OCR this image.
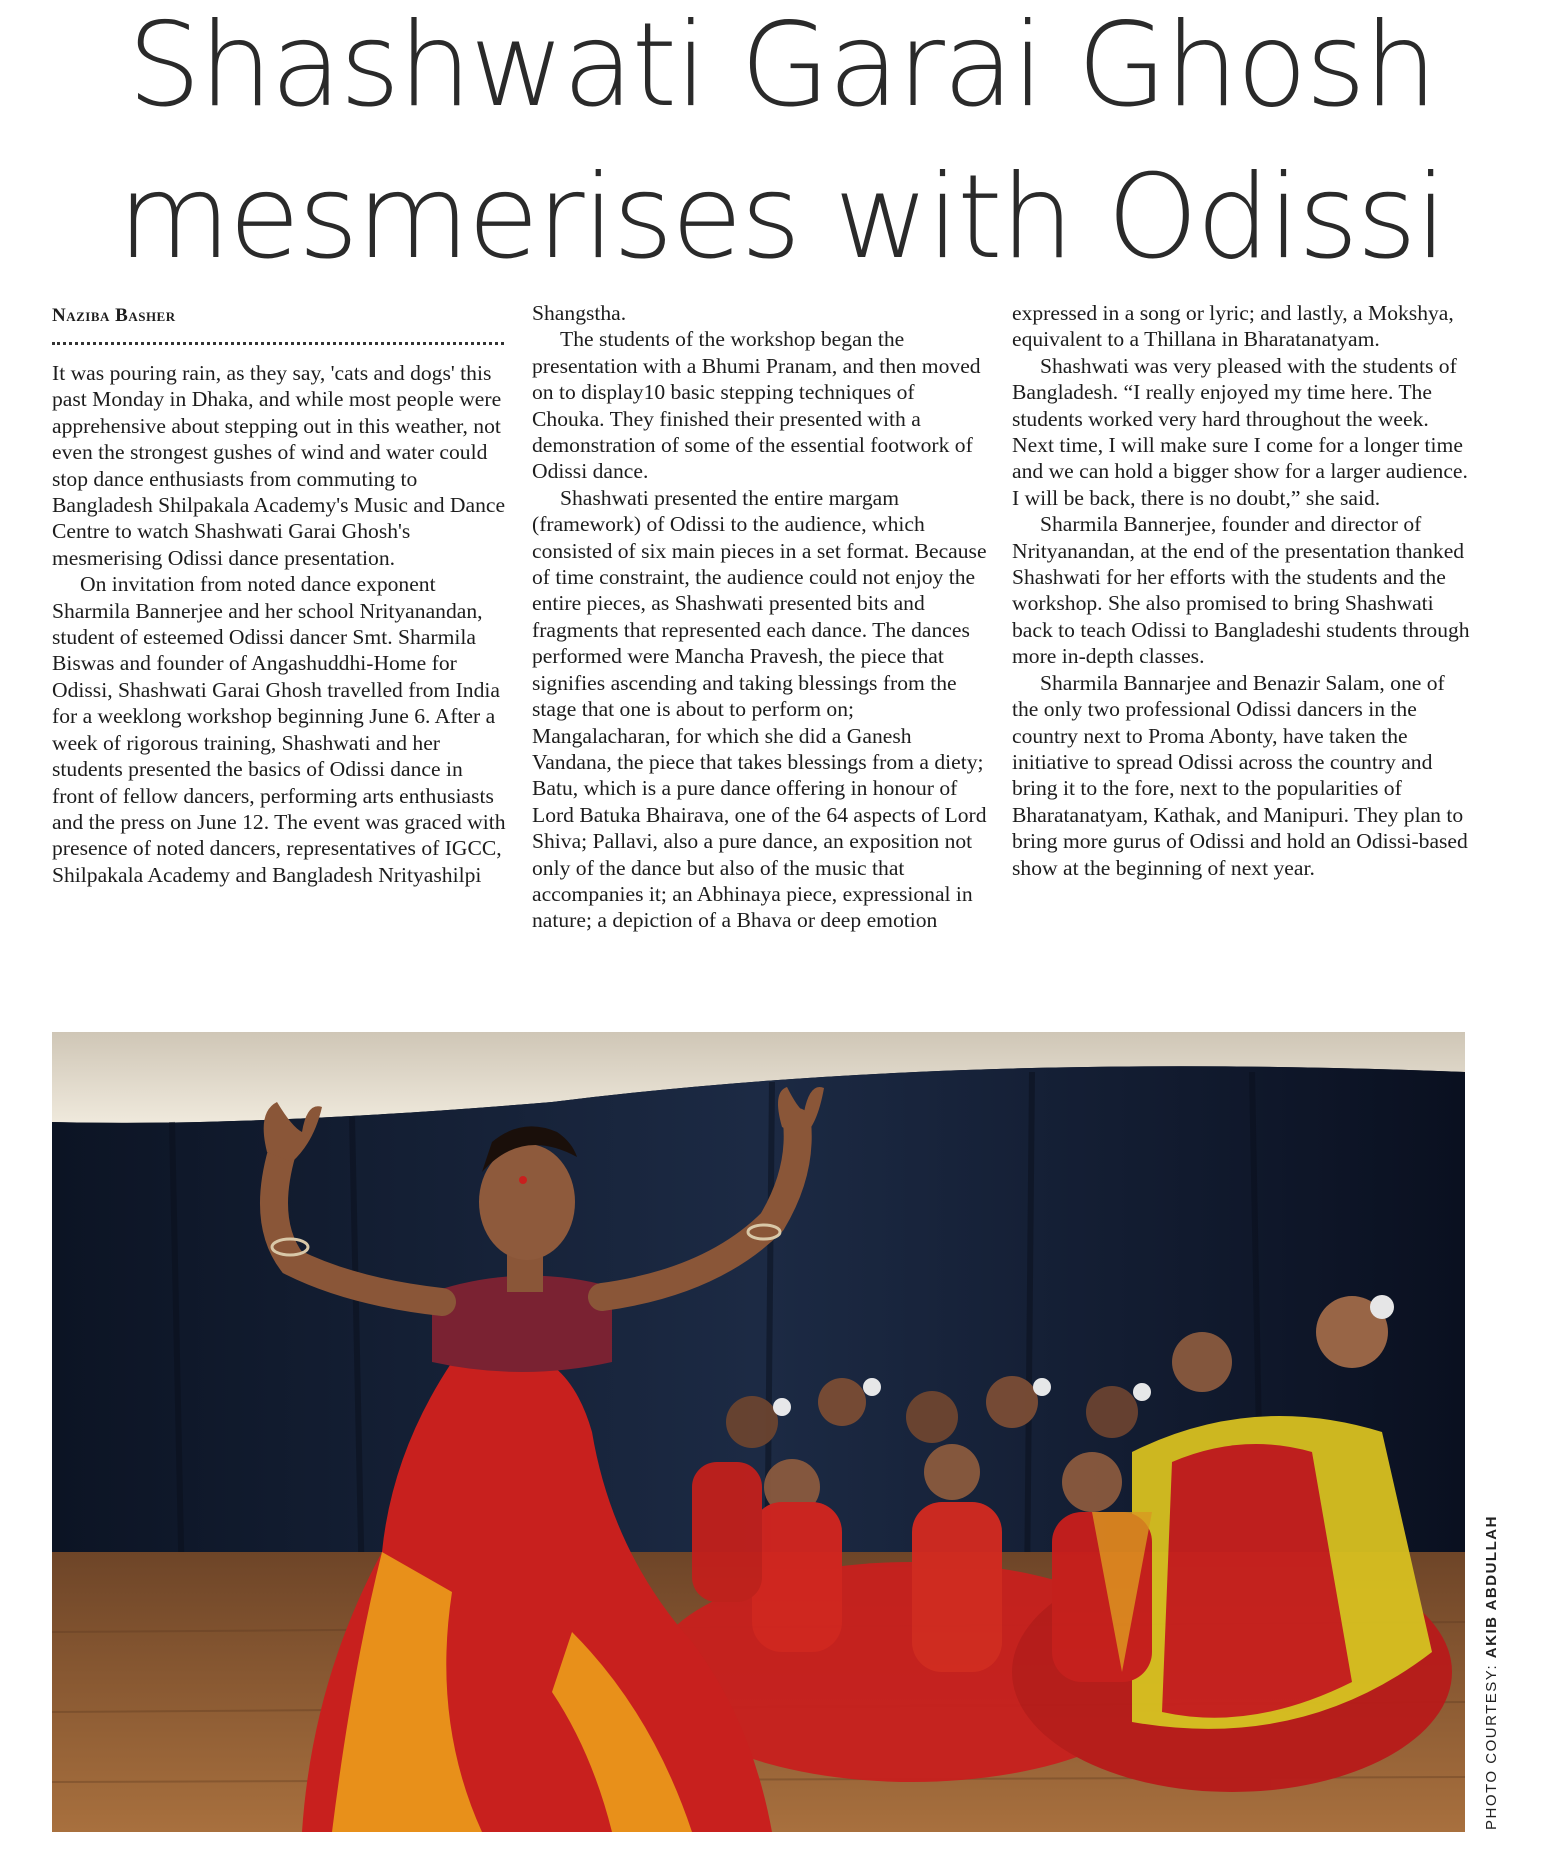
Shashwati Garai Ghosh
mesmerises with Odissi
Naziba Basher

It was pouring rain, as they say, 'cats and dogs' this past Monday in Dhaka, and while most people were apprehensive about stepping out in this weather, not even the strongest gushes of wind and water could stop dance enthusiasts from commuting to Bangladesh Shilpakala Academy's Music and Dance Centre to watch Shashwati Garai Ghosh's mesmerising Odissi dance presentation.

On invitation from noted dance exponent Sharmila Bannerjee and her school Nrityanandan, student of esteemed Odissi dancer Smt. Sharmila Biswas and founder of Angashuddhi-Home for Odissi, Shashwati Garai Ghosh travelled from India for a weeklong workshop beginning June 6. After a week of rigorous training, Shashwati and her students presented the basics of Odissi dance in front of fellow dancers, performing arts enthusiasts and the press on June 12. The event was graced with presence of noted dancers, representatives of IGCC, Shilpakala Academy and Bangladesh Nrityashilpi

Shangstha.

The students of the workshop began the presentation with a Bhumi Pranam, and then moved on to display10 basic stepping techniques of Chouka. They finished their presented with a demonstration of some of the essential footwork of Odissi dance.

Shashwati presented the entire margam (framework) of Odissi to the audience, which consisted of six main pieces in a set format. Because of time constraint, the audience could not enjoy the entire pieces, as Shashwati presented bits and fragments that represented each dance. The dances performed were Mancha Pravesh, the piece that signifies ascending and taking blessings from the stage that one is about to perform on; Mangalacharan, for which she did a Ganesh Vandana, the piece that takes blessings from a diety; Batu, which is a pure dance offering in honour of Lord Batuka Bhairava, one of the 64 aspects of Lord Shiva; Pallavi, also a pure dance, an exposition not only of the dance but also of the music that accompanies it; an Abhinaya piece, expressional in nature; a depiction of a Bhava or deep emotion

expressed in a song or lyric; and lastly, a Mokshya, equivalent to a Thillana in Bharatanatyam.

Shashwati was very pleased with the students of Bangladesh. “I really enjoyed my time here. The students worked very hard throughout the week. Next time, I will make sure I come for a longer time and we can hold a bigger show for a larger audience. I will be back, there is no doubt,” she said.

Sharmila Bannerjee, founder and director of Nrityanandan, at the end of the presentation thanked Shashwati for her efforts with the students and the workshop. She also promised to bring Shashwati back to teach Odissi to Bangladeshi students through more in-depth classes.

Sharmila Bannarjee and Benazir Salam, one of the only two professional Odissi dancers in the country next to Proma Abonty, have taken the initiative to spread Odissi across the country and bring it to the fore, next to the popularities of Bharatanatyam, Kathak, and Manipuri. They plan to bring more gurus of Odissi and hold an Odissi-based show at the beginning of next year.

PHOTO COURTESY: AKIB ABDULLAH
